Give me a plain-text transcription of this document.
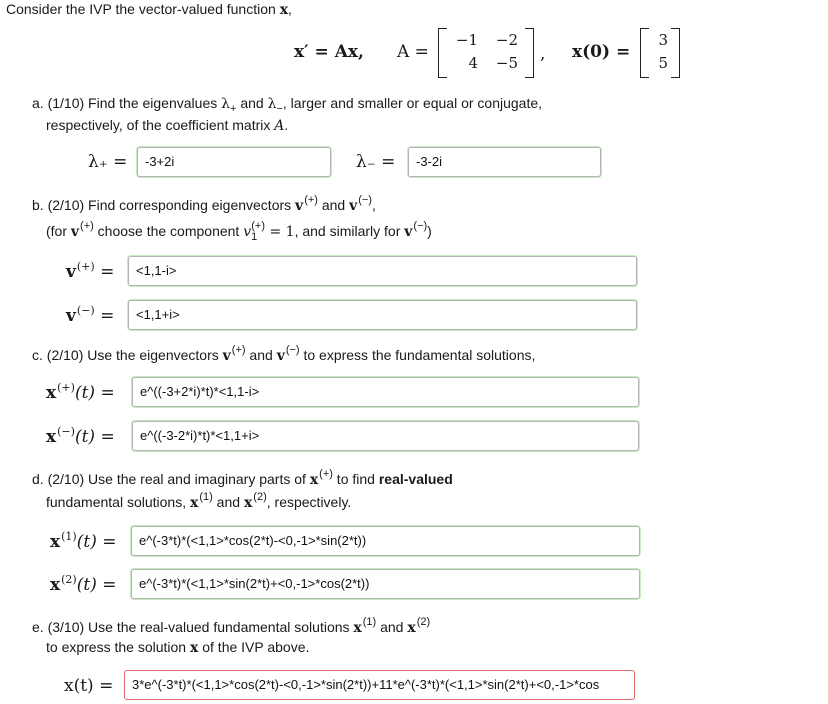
Consider the IVP the vector-valued function x,
x′ = Ax, A =
−1 −2
4 −5 , x(0) =
3
5
a. (1/10) Find the eigenvalues $\lambda_+$ and $\lambda_-$, larger and smaller or equal or conjugate,
respectively, of the coefficient matrix A.
λ₊ =	-3+2i	λ₋ =	-3-2i
b. (2/10) Find corresponding eigenvectors v(+) and v(−),
(for v(+) choose the component $v_1^{(+)} = 1$, and similarly for v(−))
v(+) =	<1,1-i>
v(−) =	<1,1+i>
c. (2/10) Use the eigenvectors v(+) and v(−) to express the fundamental solutions,
x(+)(t) =	e^((-3+2*i)*t)*<1,1-i>
x(−)(t) =	e^((-3-2*i)*t)*<1,1+i>
d. (2/10) Use the real and imaginary parts of x(+) to find real-valued
fundamental solutions, $x^{(1)}$ and $x^{(2)}$, respectively.
$x^{(1)}(t)$ =	e^(-3*t)*(<1,1>*cos(2*t)-<0,-1>*sin(2*t))
$x^{(2)}(t)$ =	e^(-3*t)*(<1,1>*sin(2*t)+<0,-1>*cos(2*t))
e. (3/10) Use the real-valued fundamental solutions $x^{(1)}$ and $x^{(2)}$
to express the solution x of the IVP above.
x(t) =	3*e^(-3*t)*(<1,1>*cos(2*t)-<0,-1>*sin(2*t))+11*e^(-3*t)*(<1,1>*sin(2*t)+<0,-1>*cos
